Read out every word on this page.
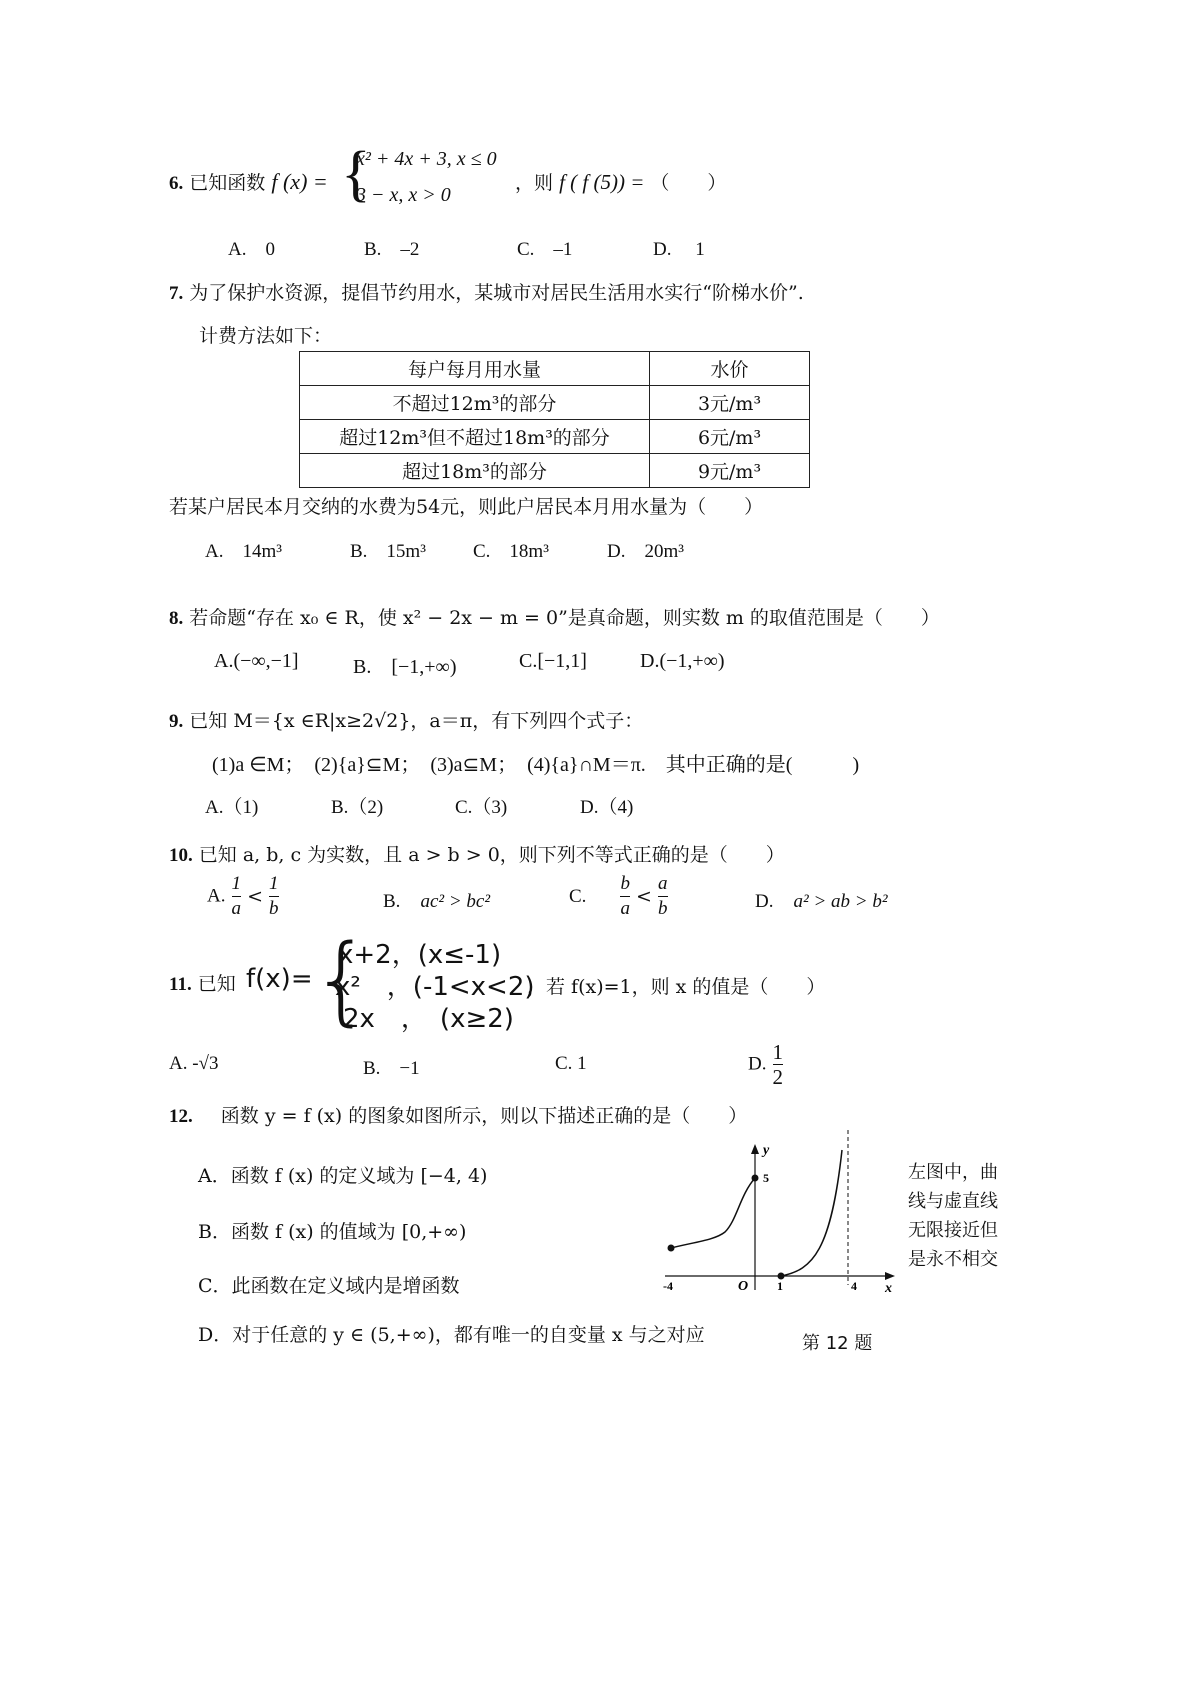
6. 已知函数 f (x) = {
x² + 4x + 3, x ≤ 0
3 − x, x > 0
，则 f ( f (5)) = （　　）
A.　0	B.　–2	C.　–1	D.　 1
7. 为了保护水资源，提倡节约用水，某城市对居民生活用水实行“阶梯水价”.
计费方法如下：
每户每月用水量	水价
不超过12m³的部分	3元/m³
超过12m³但不超过18m³的部分	6元/m³
超过18m³的部分	9元/m³
若某户居民本月交纳的水费为54元，则此户居民本月用水量为（　　）
A.　14m³	B.　15m³ C.　18m³	D.　20m³
8. 若命题“存在 x₀ ∈ R，使 x² − 2x − m = 0”是真命题，则实数 m 的取值范围是（　　）
A.(−∞,−1]	B.　[−1,+∞)	C.[−1,1]	D.(−1,+∞)
9. 已知 M＝{x ∈R|x≥2√2}，a＝π，有下列四个式子：
(1)a ∈M；　(2){a}⊆M；　(3)a⊆M；　(4){a}∩M＝π.　其中正确的是(　　　)
A.（1)	B.（2)	C.（3)	D.（4)
10. 已知 a, b, c 为实数，且 a > b > 0，则下列不等式正确的是（　　）
A. $\frac{1}{a} < \frac{1}{b}$	B. ac² > bc²	C. $\frac{b}{a} < \frac{a}{b}$	D. a² > ab > b²
11. 已知 f(x)=
{
x+2，(x≤-1)
x²　，(-1<x<2)
2x　，　(x≥2)
，若 f(x)=1，则 x 的值是（　　）
A. -√3	B.　−1	C. 1	D. $\frac{1}{2}$
12. 函数 y = f (x) 的图象如图所示，则以下描述正确的是（　　）
A．函数 f (x) 的定义域为 [−4, 4)
B．函数 f (x) 的值域为 [0,+∞)
C．此函数在定义域内是增函数
D．对于任意的 y ∈ (5,+∞)，都有唯一的自变量 x 与之对应
y
x
O
-4	1	4
5	左图中，曲
线与虚直线
无限接近但
是永不相交
第 12 题
